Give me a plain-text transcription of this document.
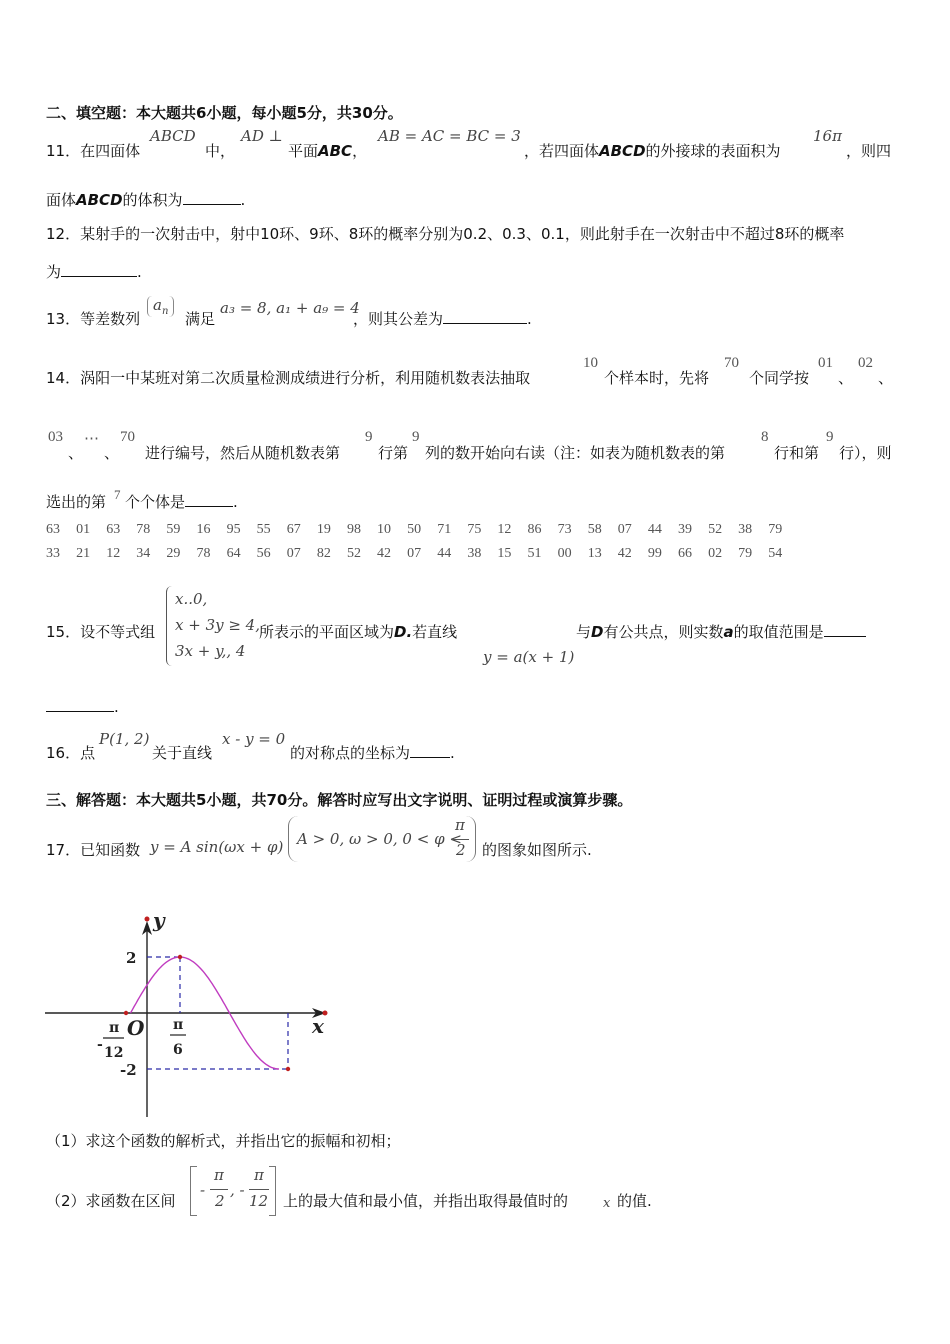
二、填空题：本大题共6小题，每小题5分，共30分。
11．在四面体
ABCD
中，
AD ⊥
平面ABC，
AB = AC = BC = 3
，若四面体ABCD的外接球的表面积为
16π
，则四
面体ABCD的体积为	.
12．某射手的一次射击中，射中10环、9环、8环的概率分别为0.2、0.3、0.1，则此射手在一次射击中不超过8环的概率
为	.
13．等差数列
$a_n$	满足
a₃ = 8, a₁ + a₉ = 4
，则其公差为	.
14．涡阳一中某班对第二次质量检测成绩进行分析，利用随机数表法抽取
10
个样本时，先将
70
个同学按
01
、
02
、
03
、
⋯
、
70
进行编号，然后从随机数表第
9
行第
9
列的数开始向右读（注：如表为随机数表的第
8
行和第
9
行），则
选出的第 7 个个体是	.
63 01 63 78 59 16 95 55 67 19 98 10 50 71 75 12 86 73 58 07 44 39 52 38 79
33 21 12 34 29 78 64 56 07 82 52 42 07 44 38 15 51 00 13 42 99 66 02 79 54
15．设不等式组
x..0,
x + 3y ≥ 4,
3x + y,, 4
所表示的平面区域为D.若直线
y = a(x + 1)
与D有公共点，则实数a的取值范围是
.
16．点
P(1, 2)
关于直线
x - y = 0
的对称点的坐标为	.
三、解答题：本大题共5小题，共70分。解答时应写出文字说明、证明过程或演算步骤。
17．已知函数 y = A sin(ωx + φ) A > 0, ω > 0, 0 < φ <
π
2 的图象如图所示.
y
x
O
2
-2
-
π
12
π
6
（1）求这个函数的解析式，并指出它的振幅和初相；
（2）求函数在区间
-
π
2
, -
π
12 上的最大值和最小值，并指出取得最值时的	x 的值.
